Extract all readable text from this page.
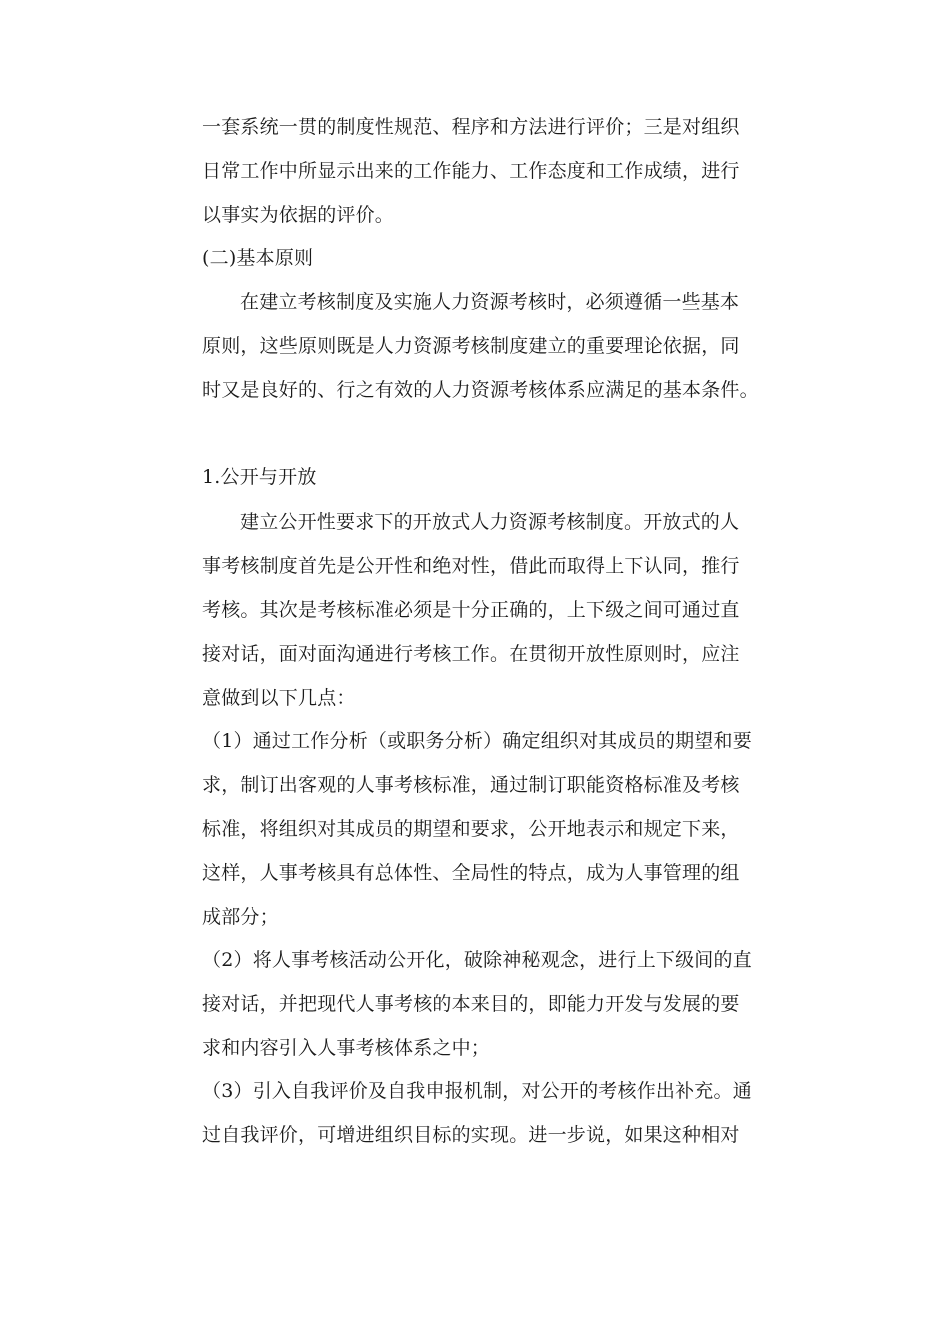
一套系统一贯的制度性规范、程序和方法进行评价；三是对组织
日常工作中所显示出来的工作能力、工作态度和工作成绩，进行
以事实为依据的评价。
(二)基本原则
在建立考核制度及实施人力资源考核时，必须遵循一些基本
原则，这些原则既是人力资源考核制度建立的重要理论依据，同
时又是良好的、行之有效的人力资源考核体系应满足的基本条件。
1.公开与开放
建立公开性要求下的开放式人力资源考核制度。开放式的人
事考核制度首先是公开性和绝对性，借此而取得上下认同，推行
考核。其次是考核标准必须是十分正确的，上下级之间可通过直
接对话，面对面沟通进行考核工作。在贯彻开放性原则时，应注
意做到以下几点：
（1）通过工作分析（或职务分析）确定组织对其成员的期望和要
求，制订出客观的人事考核标准，通过制订职能资格标准及考核
标准，将组织对其成员的期望和要求，公开地表示和规定下来，
这样，人事考核具有总体性、全局性的特点，成为人事管理的组
成部分；
（2）将人事考核活动公开化，破除神秘观念，进行上下级间的直
接对话，并把现代人事考核的本来目的，即能力开发与发展的要
求和内容引入人事考核体系之中；
（3）引入自我评价及自我申报机制，对公开的考核作出补充。通
过自我评价，可增进组织目标的实现。进一步说，如果这种相对
